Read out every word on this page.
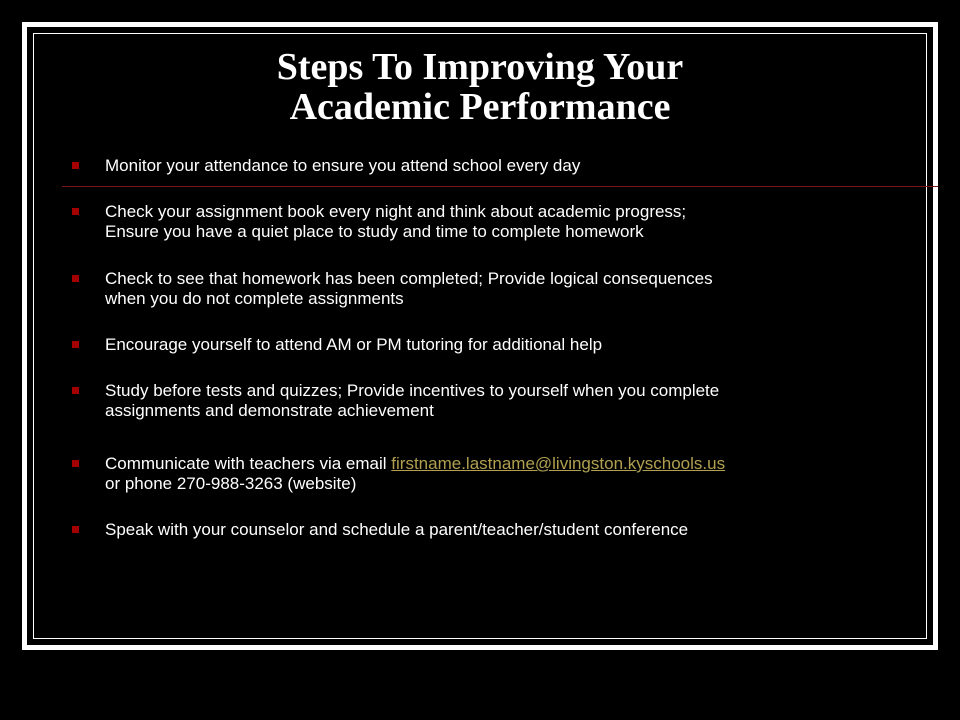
Steps To Improving Your
Academic Performance
Monitor your attendance to ensure you attend school every day
Check your assignment book every night and think about academic progress;
Ensure you have a quiet place to study and time to complete homework
Check to see that homework has been completed; Provide logical consequences
when you do not complete assignments
Encourage yourself to attend AM or PM tutoring for additional help
Study before tests and quizzes; Provide incentives to yourself when you complete
assignments and demonstrate achievement
Communicate with teachers via email firstname.lastname@livingston.kyschools.us
or phone 270-988-3263 (website)
Speak with your counselor and schedule a parent/teacher/student conference
